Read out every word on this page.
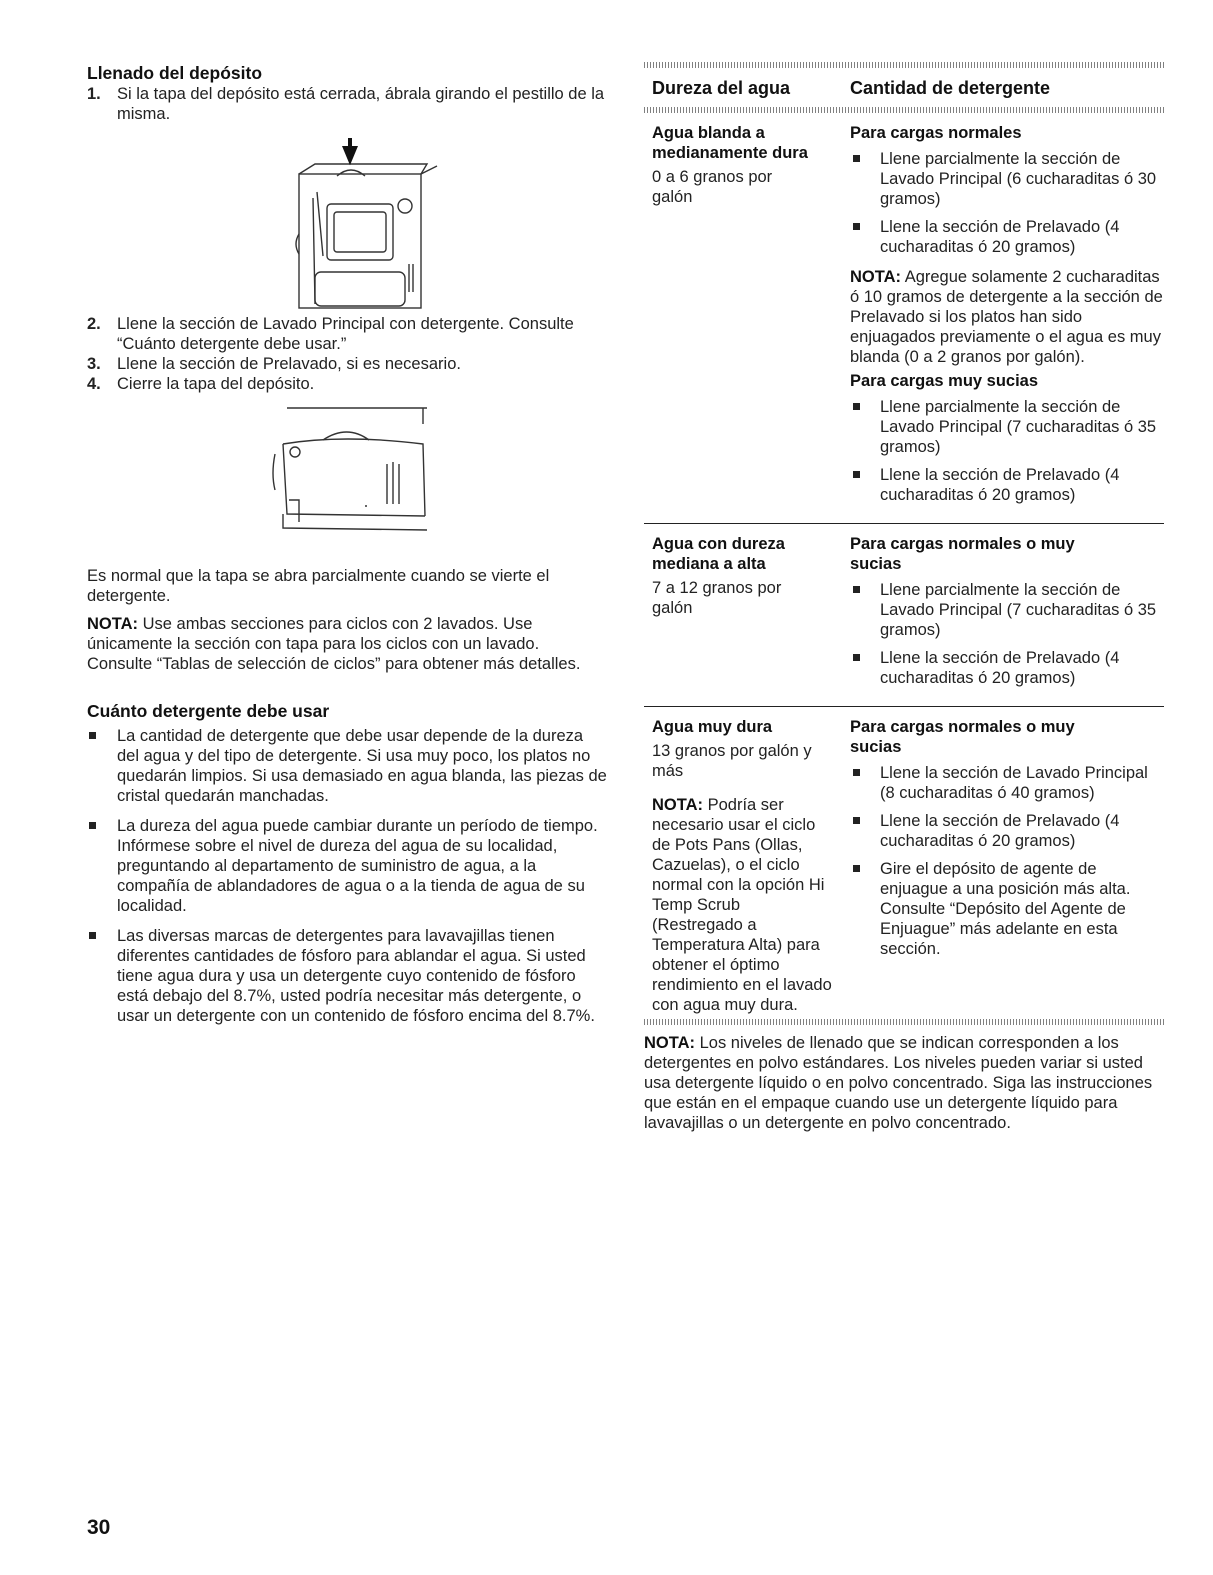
Llenado del depósito
1. Si la tapa del depósito está cerrada, ábrala girando el pestillo de la misma.
2. Llene la sección de Lavado Principal con detergente. Consulte “Cuánto detergente debe usar.”
3. Llene la sección de Prelavado, si es necesario.
4. Cierre la tapa del depósito.

Es normal que la tapa se abra parcialmente cuando se vierte el detergente.

NOTA: Use ambas secciones para ciclos con 2 lavados. Use únicamente la sección con tapa para los ciclos con un lavado. Consulte “Tablas de selección de ciclos” para obtener más detalles.

Cuánto detergente debe usar
La cantidad de detergente que debe usar depende de la dureza del agua y del tipo de detergente. Si usa muy poco, los platos no quedarán limpios. Si usa demasiado en agua blanda, las piezas de cristal quedarán manchadas.
La dureza del agua puede cambiar durante un período de tiempo. Infórmese sobre el nivel de dureza del agua de su localidad, preguntando al departamento de suministro de agua, a la compañía de ablandadores de agua o a la tienda de agua de su localidad.
Las diversas marcas de detergentes para lavavajillas tienen diferentes cantidades de fósforo para ablandar el agua. Si usted tiene agua dura y usa un detergente cuyo contenido de fósforo está debajo del 8.7%, usted podría necesitar más detergente, o usar un detergente con un contenido de fósforo encima del 8.7%.
Dureza del agua	Cantidad de detergente
Agua blanda a medianamente dura
0 a 6 granos por galón
Para cargas normales
Llene parcialmente la sección de Lavado Principal (6 cucharaditas ó 30 gramos)
Llene la sección de Prelavado (4 cucharaditas ó 20 gramos)

NOTA: Agregue solamente 2 cucharaditas ó 10 gramos de detergente a la sección de Prelavado si los platos han sido enjuagados previamente o el agua es muy blanda (0 a 2 granos por galón).

Para cargas muy sucias
Llene parcialmente la sección de Lavado Principal (7 cucharaditas ó 35 gramos)
Llene la sección de Prelavado (4 cucharaditas ó 20 gramos)
Agua con dureza mediana a alta
7 a 12 granos por galón
Para cargas normales o muy sucias
Llene parcialmente la sección de Lavado Principal (7 cucharaditas ó 35 gramos)
Llene la sección de Prelavado (4 cucharaditas ó 20 gramos)
Agua muy dura
13 granos por galón y más

NOTA: Podría ser necesario usar el ciclo de Pots Pans (Ollas, Cazuelas), o el ciclo normal con la opción Hi Temp Scrub (Restregado a Temperatura Alta) para obtener el óptimo rendimiento en el lavado con agua muy dura.

Para cargas normales o muy sucias
Llene la sección de Lavado Principal (8 cucharaditas ó 40 gramos)
Llene la sección de Prelavado (4 cucharaditas ó 20 gramos)
Gire el depósito de agente de enjuague a una posición más alta. Consulte “Depósito del Agente de Enjuague” más adelante en esta sección.

NOTA: Los niveles de llenado que se indican corresponden a los detergentes en polvo estándares. Los niveles pueden variar si usted usa detergente líquido o en polvo concentrado. Siga las instrucciones que están en el empaque cuando use un detergente líquido para lavavajillas o un detergente en polvo concentrado.

30
